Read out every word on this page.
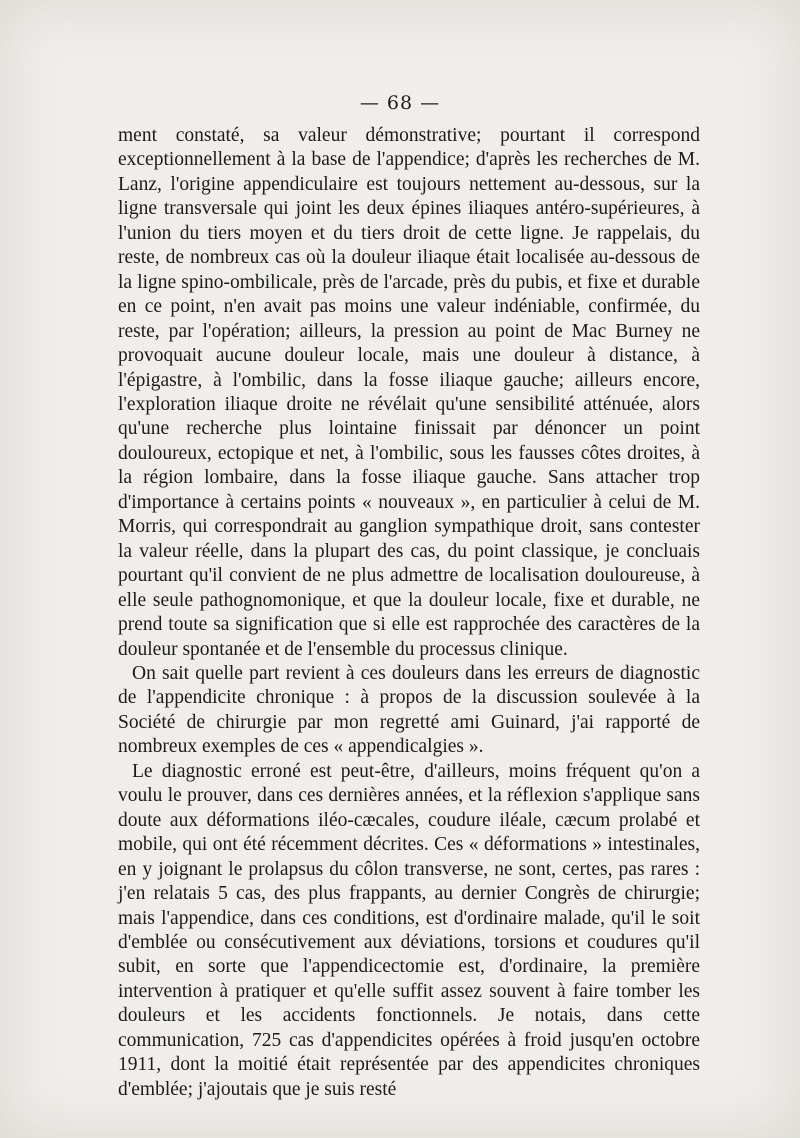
— 68 —

ment constaté, sa valeur démonstrative; pourtant il correspond exceptionnellement à la base de l'appendice; d'après les recherches de M. Lanz, l'origine appendiculaire est toujours nettement au-dessous, sur la ligne transversale qui joint les deux épines iliaques antéro-supérieures, à l'union du tiers moyen et du tiers droit de cette ligne. Je rappelais, du reste, de nombreux cas où la douleur iliaque était localisée au-dessous de la ligne spino-ombilicale, près de l'arcade, près du pubis, et fixe et durable en ce point, n'en avait pas moins une valeur indéniable, confirmée, du reste, par l'opération; ailleurs, la pression au point de Mac Burney ne provoquait aucune douleur locale, mais une douleur à distance, à l'épigastre, à l'ombilic, dans la fosse iliaque gauche; ailleurs encore, l'exploration iliaque droite ne révélait qu'une sensibilité atténuée, alors qu'une recherche plus lointaine finissait par dénoncer un point douloureux, ectopique et net, à l'ombilic, sous les fausses côtes droites, à la région lombaire, dans la fosse iliaque gauche. Sans attacher trop d'importance à certains points « nouveaux », en particulier à celui de M. Morris, qui correspondrait au ganglion sympathique droit, sans contester la valeur réelle, dans la plupart des cas, du point classique, je concluais pourtant qu'il convient de ne plus admettre de localisation douloureuse, à elle seule pathognomonique, et que la douleur locale, fixe et durable, ne prend toute sa signification que si elle est rapprochée des caractères de la douleur spontanée et de l'ensemble du processus clinique.

On sait quelle part revient à ces douleurs dans les erreurs de diagnostic de l'appendicite chronique : à propos de la discussion soulevée à la Société de chirurgie par mon regretté ami Guinard, j'ai rapporté de nombreux exemples de ces « appendicalgies ».

Le diagnostic erroné est peut-être, d'ailleurs, moins fréquent qu'on a voulu le prouver, dans ces dernières années, et la réflexion s'applique sans doute aux déformations iléo-cæcales, coudure iléale, cæcum prolabé et mobile, qui ont été récemment décrites. Ces « déformations » intestinales, en y joignant le prolapsus du côlon transverse, ne sont, certes, pas rares : j'en relatais 5 cas, des plus frappants, au dernier Congrès de chirurgie; mais l'appendice, dans ces conditions, est d'ordinaire malade, qu'il le soit d'emblée ou consécutivement aux déviations, torsions et coudures qu'il subit, en sorte que l'appendicectomie est, d'ordinaire, la première intervention à pratiquer et qu'elle suffit assez souvent à faire tomber les douleurs et les accidents fonctionnels. Je notais, dans cette communication, 725 cas d'appendicites opérées à froid jusqu'en octobre 1911, dont la moitié était représentée par des appendicites chroniques d'emblée; j'ajoutais que je suis resté
